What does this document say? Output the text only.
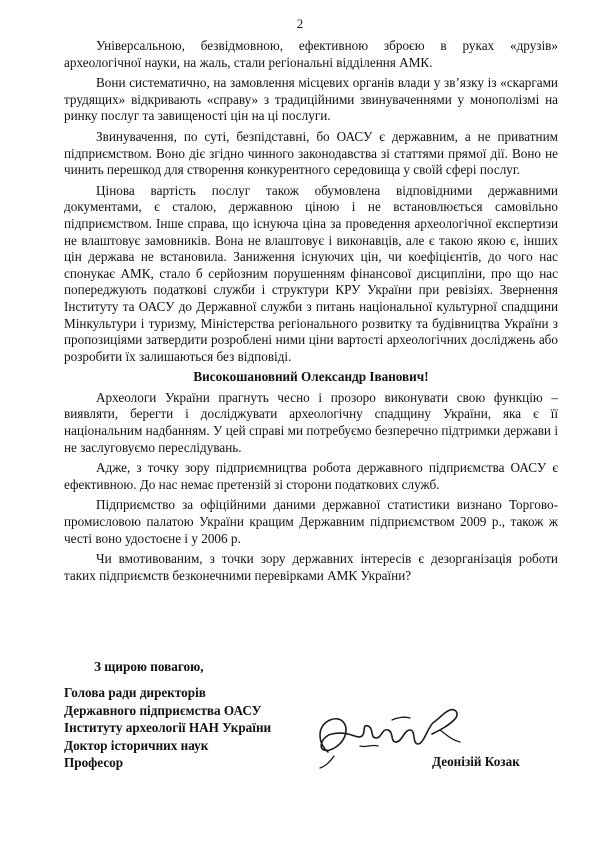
2

Універсальною, безвідмовною, ефективною зброєю в руках «друзів» археологічної науки, на жаль, стали регіональні відділення АМК.

Вони систематично, на замовлення місцевих органів влади у зв’язку із «скаргами трудящих» відкривають «справу» з традиційними звинуваченнями у монополізмі на ринку послуг та завищеності цін на ці послуги.

Звинувачення, по суті, безпідставні, бо ОАСУ є державним, а не приватним підприємством. Воно діє згідно чинного законодавства зі статтями прямої дії. Воно не чинить перешкод для створення конкурентного середовища у своїй сфері послуг.

Цінова вартість послуг також обумовлена відповідними державними документами, є сталою, державною ціною і не встановлюється самовільно підприємством. Інше справа, що існуюча ціна за проведення археологічної експертизи не влаштовує замовників. Вона не влаштовує і виконавців, але є такою якою є, інших цін держава не встановила. Заниження існуючих цін, чи коефіцієнтів, до чого нас спонукає АМК, стало б серйозним порушенням фінансової дисципліни, про що нас попереджують податкові служби і структури КРУ України при ревізіях. Звернення Інституту та ОАСУ до Державної служби з питань національної культурної спадщини Мінкультури і туризму, Міністерства регіонального розвитку та будівництва України з пропозиціями затвердити розроблені ними ціни вартості археологічних досліджень або розробити їх залишаються без відповіді.

Високошановний Олександр Іванович!

Археологи України прагнуть чесно і прозоро виконувати свою функцію – виявляти, берегти і досліджувати археологічну спадщину України, яка є її національним надбанням. У цей справі ми потребуємо безперечно підтримки держави і не заслуговуємо переслідувань.

Адже, з точку зору підприємництва робота державного підприємства ОАСУ є ефективною. До нас немає претензій зі сторони податкових служб.

Підприємство за офіційними даними державної статистики визнано Торгово-промисловою палатою України кращим Державним підприємством 2009 р., також ж честі воно удостоєне і у 2006 р.

Чи вмотивованим, з точки зору державних інтересів є дезорганізація роботи таких підприємств безконечними перевірками АМК України?

З щирою повагою,
Голова ради директорів
Державного підприємства ОАСУ
Інституту археології НАН України
Доктор історичних наук
Професор	Деонізій Козак
